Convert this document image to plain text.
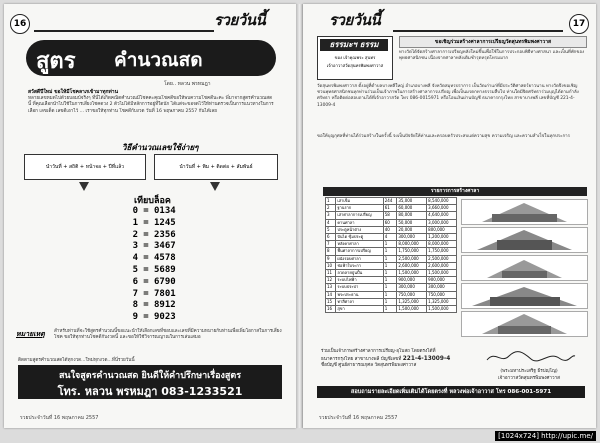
16	รวยวันนี้
สูตร คำนวณสด
โดย.. หลวน พรหมฎา
สวัสดีปีใหม่ ขอให้มีโชคลาภเข้ามาทุกท่าน
หลายเลขหมดไปด้วยบอมบ์จริงๆ ที่นี่ได้เกิดคณิตคำนวณมีโชคคะคุณโชคดีขอให้พบความโชคดีนะคะ พี่มาจากสูตรคำนวณสดนี้ ที่คุณเลือกนำไปใช้ในการเสี่ยงโชคดวง 2 ตัวไม่ได้มีหลักการอยู่ที่ใดนัก ได้แต่จะขอจดไว้ให้ท่านตรวจเป็นการแนวทางในการเลือก เลขเด็ด เลขดีเอาไว้ ... เราขอให้ทุกท่าน โชคดีกับงวด วันที่ 16 พฤษภาคม 2557 กันได้เลย
วิธีคำนวณเลขใช้ง่ายๆ
นำวันที่ + สถิติ + หน้าจอ + ปีที่แล้ว	นำวันที่ + พิม + ติดต่อ + สัมพันธ์
เทียบล็อค
0 = 0134
1 = 1245
2 = 2356
3 = 3467
4 = 4578
5 = 5689
6 = 6790
7 = 7801
8 = 8912
9 = 9023
หมายเหตุ สำหรับท่านที่จะใช้สูตรคำนวณนี้ขอแนะนำให้เลือกเลขที่ชอบและเลขที่มีความหมายกับท่านเพื่อเพิ่มโอกาสในการเสี่ยงโชค ขอให้ทุกท่านโชคดีกับงวดนี้ และขอให้ใช้วิจารณญาณในการเล่นเสมอ
ติดตามสูตรคำนวณสดได้ทุกงวด...ใหม่ทุกงวด...ที่นี่รวยวันนี้
สนใจสูตรคำนวณสด ยินดีให้คำปรึกษาเรื่องสูตร
โทร. หลวน พรหมฎา 083-1233521
รวยประจำวันที่ 16 พฤษภาคม 2557
รวยวันนี้	17
ธรรมะฯ ธรรม
ของ เจ้าคุณพระ สุนทร
เจ้าอาวาสวัดสุนทรพิมพงศาวาส
ขอเชิญร่วมสร้างศาลาการเปรียญวัดสุนทรพิมพงศาวาส
ทางวัดได้จัดสร้างศาลาการเปรียญหลังใหม่ขึ้นเพื่อใช้ในการประกอบพิธีทางศาสนา และเป็นที่พักของพุทธศาสนิกชน เนื่องจากศาลาหลังเดิมชำรุดทรุดโทรมมาก
วัดสุนทรพิมพงศาวาส ตั้งอยู่ที่ตำบลบางพลีใหญ่ อำเภอบางพลี จังหวัดสมุทรปราการ เป็นวัดเก่าแก่ที่มีประวัติศาสตร์ยาวนาน ทางวัดจึงขอเชิญชวนพุทธศาสนิกชนทุกท่านร่วมเป็นเจ้าภาพในการสร้างศาลาการเปรียญ เพื่อเป็นมรดกทางธรรมสืบไป ท่านใดมีจิตศรัทธาร่วมบุญได้ตามกำลังศรัทธา หรือติดต่อสอบถามได้ที่เจ้าอาวาสวัด โทร 086-0015971 หรือโอนเงินผ่านบัญชี ธนาคารกรุงไทย สาขาบางพลี เลขที่บัญชี 221-4-13009-4
ขอให้บุญกุศลที่ท่านได้ร่วมสร้างในครั้งนี้ จงเป็นปัจจัยให้ท่านและครอบครัวประสบแต่ความสุข ความเจริญ และความสำเร็จในทุกประการ
รายการการสร้างศาลา
1	เสาเข็ม	244	35,000	8,540,000
2	ฐานราก	61	60,000	3,660,000
3	เสาศาลาการเปรียญ	58	80,000	4,640,000
4	คานศาลา	60	50,000	3,000,000
5	ประตูหน้าต่าง	40	20,000	800,000
6	บันได ซุ้มประตู	4	300,000	1,200,000
7	หลังคาศาลา	1	8,000,000	8,000,000
8	พื้นศาลาการเปรียญ	1	1,750,000	1,750,000
9	ผนังรอบศาลา	1	2,500,000	2,500,000
10	ช่อฟ้าใบระกา	1	2,600,000	2,600,000
11	ลวดลายปูนปั้น	1	1,500,000	1,500,000
12	ระบบไฟฟ้า	1	900,000	900,000
13	ระบบประปา	1	300,000	300,000
14	พระประธาน	1	750,000	750,000
15	ทาสีศาลา	1	1,325,000	1,325,000
16	สุขา	1	1,500,000	1,500,000
ร่วมเป็นเจ้าภาพสร้างศาลาการเปรียญ-อุโบสถ โดยตรงได้ที่
ธนาคารกรุงไทย สาขาบางพลี บัญชีเลขที่ 221-4-13009-4
ชื่อบัญชี ศูนย์สาธารณกุศล วัดสุนทรพิมพงศาวาส
(พระมหาประเสริฐ ธีรปญฺโญ)
เจ้าอาวาสวัดสุนทรพิมพงศาวาส
สอบถามรายละเอียดเพิ่มเติมได้โดยตรงที่ หลวงพ่อเจ้าอาวาส โทร 086-001-5971
รวยประจำวันที่ 16 พฤษภาคม 2557
[1024x724] http://upic.me/
